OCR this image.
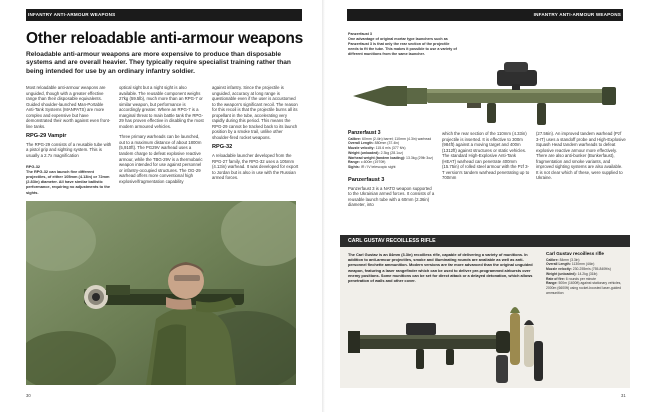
INFANTRY ANTI-ARMOUR WEAPONS
Other reloadable anti-armour weapons

Reloadable anti-armour weapons are more expensive to produce than disposable systems and are overall heavier. They typically require specialist training rather than being intended for use by an ordinary infantry soldier.

Most reloadable anti-armour weapons are unguided, though with a greater effective range than their disposable equivalents. Guided shoulder-launched Man-Portable Anti-Tank Systems (MANPATS) are more complex and expensive but have demonstrated their worth against even front-line tanks.

RPG-29 Vampir

The RPG-29 consists of a reusable tube with a pistol grip and sighting system. This is usually a 2.7x magnification

RPG-32
The RPG-32 can launch five different projectiles, of either 105mm (4.13in) or 72mm (2.83in) diameter. All have similar ballistic performance, requiring no adjustments to the sights.

optical sight but a night sight is also available. The reusable component weighs 27kg (59.5lb), much more than an RPG-7 or similar weapon, but performance is accordingly greater. Where an RPG-7 is a marginal threat to main battle tank the RPG-29 has proven effective in disabling the most modern armoured vehicles.

Three primary warheads can be launched, out to a maximum distance of about 1800m (5,910ft). The PG29V warhead uses a tandem charge to defeat explosive reactive armour, while the TBG-29V is a thermobaric weapon intended for use against personnel or infantry-occupied structures. The OG-29 warhead offers more conventional high explosive/fragmentation capability

against infantry. Since the projectile is unguided, accuracy at long range is questionable even if the user is accustomed to the weapon's significant recoil. The reason for this recoil is that the projectile burns all its propellant in the tube, accelerating very rapidly during this period. This means the RPG-29 cannot be tracked back to its launch position by a smoke trail, unlike other shoulder-fired rocket weapons.

RPG-32

A reloadable launcher developed from the RPG-27 family, the RPG-32 uses a 105mm (4.13in) warhead. It was developed for export to Jordan but is also in use with the Russian armed forces.

30
INFANTRY ANTI-ARMOUR WEAPONS
Panzerfaust 3
One advantage of original mortar type launchers such as Panzerfaust 3 is that only the rear section of the projectile needs to fit the tube. This makes it possible to use a variety of different munitions from the same launcher.
Panzerfaust 3
Calibre: 60mm (2.4in) barrel; 110mm (4.3in) warhead
Overall Length: 880mm (37.4in)
Muzzle velocity: 115.6 m/s (377 ft/s)
Weight (unloaded): 2.3kg (28.1oz)
Warhead weight (tandem loading): 13.3kg (29lb 3oz)
Range: c.600m (1970ft)
Sights: IR / IV telescopic sight
Panzerfaust 3

Panzerfaust 3 is a NATO weapon supported to the Ukrainian armed forces. It consists of a reusable launch tube with a 60mm (2.36in) diameter, into

which the rear section of the 110mm (4.33in) projectile is inserted. It is effective to 300m (984ft) against a moving target and 400m (1312ft) against structures or static vehicles. The standard High-Explosive Anti-Tank (HEAT) warhead can penetrate 400mm (15.75in) of rolled steel armour with the Pzf 3-T version's tandem warhead penetrating up to 700mm

(27.56in). An improved tandem warhead (Pzf 3-IT) uses a standoff probe and High-Explosive Squash Head tandem warheads to defeat explosive reactive armour more effectively. There are also anti-bunker (Bunkerfaust), fragmentation and smoke variants, and improved sighting systems are also available. It is not clear which of these, were supplied to Ukraine.

CARL GUSTAV RECOILLESS RIFLE
The Carl Gustav is an 84mm (3.3in) recoilless rifle, capable of delivering a variety of munitions. In addition to anti-armour projectiles, smoke and illuminating rounds are available as well as anti-personnel flechette ammunition. Modern versions are far more advanced than the original unguided weapon, featuring a laser rangefinder which can be used to deliver pre-programmed airbursts over enemy positions. Some munitions can be set for direct attack or a delayed detonation, which allows penetration of walls and other cover.
Carl Gustav recoilless rifle
Calibre: 84mm (3.3in)
Overall Length: 1130mm (44in)
Muzzle velocity: 230-255m/s (755-840ft/s)
Weight (unloaded): 14.2kg (31lb)
Rate of fire: 6 rounds per minute
Range: 500m (1600ft) against stationary vehicles, 2000m (6600ft) using rocket-boosted laser-guided ammunition
31
